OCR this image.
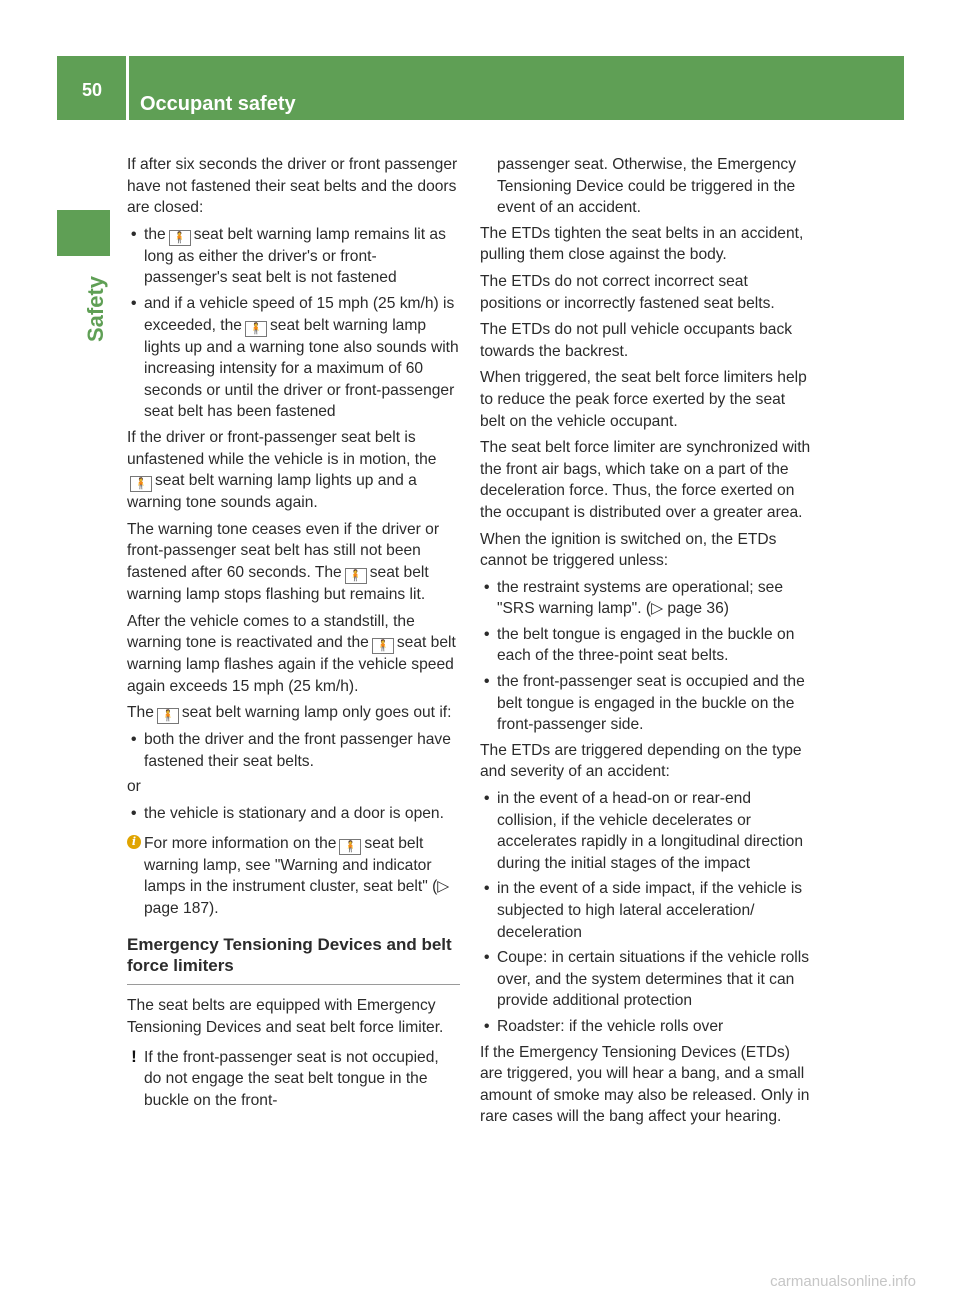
50
Occupant safety
Safety

If after six seconds the driver or front passenger have not fastened their seat belts and the doors are closed:

• the 🧍 seat belt warning lamp remains lit as long as either the driver's or front-passenger's seat belt is not fastened
• and if a vehicle speed of 15 mph (25 km/h) is exceeded, the 🧍 seat belt warning lamp lights up and a warning tone also sounds with increasing intensity for a maximum of 60 seconds or until the driver or front-passenger seat belt has been fastened

If the driver or front-passenger seat belt is unfastened while the vehicle is in motion, the🧍 seat belt warning lamp lights up and a warning tone sounds again.

The warning tone ceases even if the driver or front-passenger seat belt has still not been fastened after 60 seconds. The 🧍 seat belt warning lamp stops flashing but remains lit.

After the vehicle comes to a standstill, the warning tone is reactivated and the 🧍 seat belt warning lamp flashes again if the vehicle speed again exceeds 15 mph (25 km/h).

The 🧍 seat belt warning lamp only goes out if:

• both the driver and the front passenger have fastened their seat belts.

or

• the vehicle is stationary and a door is open.
i For more information on the 🧍 seat belt warning lamp, see "Warning and indicator lamps in the instrument cluster, seat belt" (▷ page 187).
Emergency Tensioning Devices and belt force limiters

The seat belts are equipped with Emergency Tensioning Devices and seat belt force limiter.

! If the front-passenger seat is not occupied, do not engage the seat belt tongue in the buckle on the front-
passenger seat. Otherwise, the Emergency Tensioning Device could be triggered in the event of an accident.

The ETDs tighten the seat belts in an accident, pulling them close against the body.

The ETDs do not correct incorrect seat positions or incorrectly fastened seat belts.

The ETDs do not pull vehicle occupants back towards the backrest.

When triggered, the seat belt force limiters help to reduce the peak force exerted by the seat belt on the vehicle occupant.

The seat belt force limiter are synchronized with the front air bags, which take on a part of the deceleration force. Thus, the force exerted on the occupant is distributed over a greater area.

When the ignition is switched on, the ETDs cannot be triggered unless:

• the restraint systems are operational; see "SRS warning lamp". (▷ page 36)
• the belt tongue is engaged in the buckle on each of the three-point seat belts.
• the front-passenger seat is occupied and the belt tongue is engaged in the buckle on the front-passenger side.

The ETDs are triggered depending on the type and severity of an accident:

• in the event of a head-on or rear-end collision, if the vehicle decelerates or accelerates rapidly in a longitudinal direction during the initial stages of the impact
• in the event of a side impact, if the vehicle is subjected to high lateral acceleration/ deceleration
• Coupe: in certain situations if the vehicle rolls over, and the system determines that it can provide additional protection
• Roadster: if the vehicle rolls over

If the Emergency Tensioning Devices (ETDs) are triggered, you will hear a bang, and a small amount of smoke may also be released. Only in rare cases will the bang affect your hearing.

carmanualsonline.info
